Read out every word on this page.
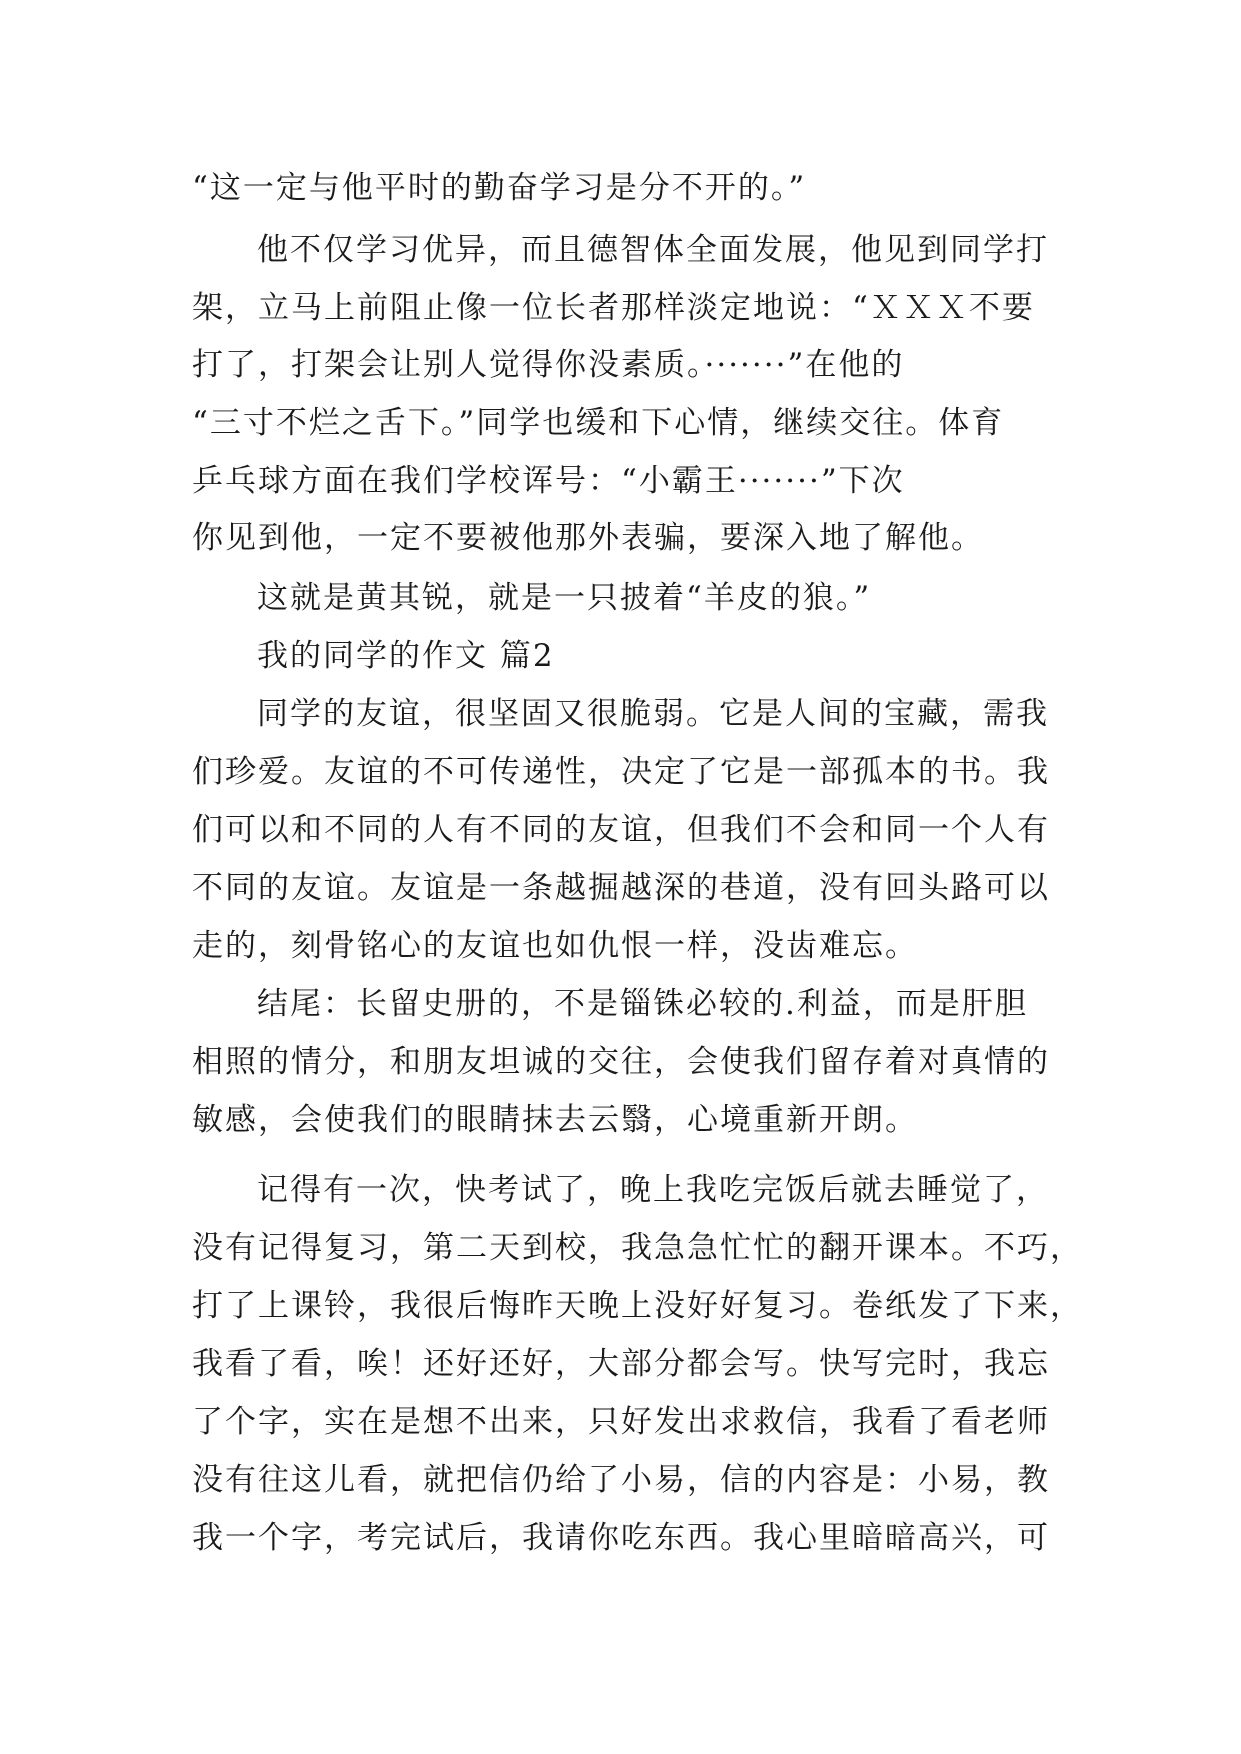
“这一定与他平时的勤奋学习是分不开的。”
他不仅学习优异，而且德智体全面发展，他见到同学打
架，立马上前阻止像一位长者那样淡定地说：“ＸＸＸ不要
打了，打架会让别人觉得你没素质。·······”在他的
“三寸不烂之舌下。”同学也缓和下心情，继续交往。体育
乒乓球方面在我们学校诨号：“小霸王·······”下次
你见到他，一定不要被他那外表骗，要深入地了解他。
这就是黄其锐，就是一只披着“羊皮的狼。”
我的同学的作文 篇2
同学的友谊，很坚固又很脆弱。它是人间的宝藏，需我
们珍爱。友谊的不可传递性，决定了它是一部孤本的书。我
们可以和不同的人有不同的友谊，但我们不会和同一个人有
不同的友谊。友谊是一条越掘越深的巷道，没有回头路可以
走的，刻骨铭心的友谊也如仇恨一样，没齿难忘。
结尾：长留史册的，不是锱铢必较的.利益，而是肝胆
相照的情分，和朋友坦诚的交往，会使我们留存着对真情的
敏感，会使我们的眼睛抹去云翳，心境重新开朗。
记得有一次，快考试了，晚上我吃完饭后就去睡觉了，
没有记得复习，第二天到校，我急急忙忙的翻开课本。不巧，
打了上课铃，我很后悔昨天晚上没好好复习。卷纸发了下来，
我看了看，唉！还好还好，大部分都会写。快写完时，我忘
了个字，实在是想不出来，只好发出求救信，我看了看老师
没有往这儿看，就把信仍给了小易，信的内容是：小易，教
我一个字，考完试后，我请你吃东西。我心里暗暗高兴，可
